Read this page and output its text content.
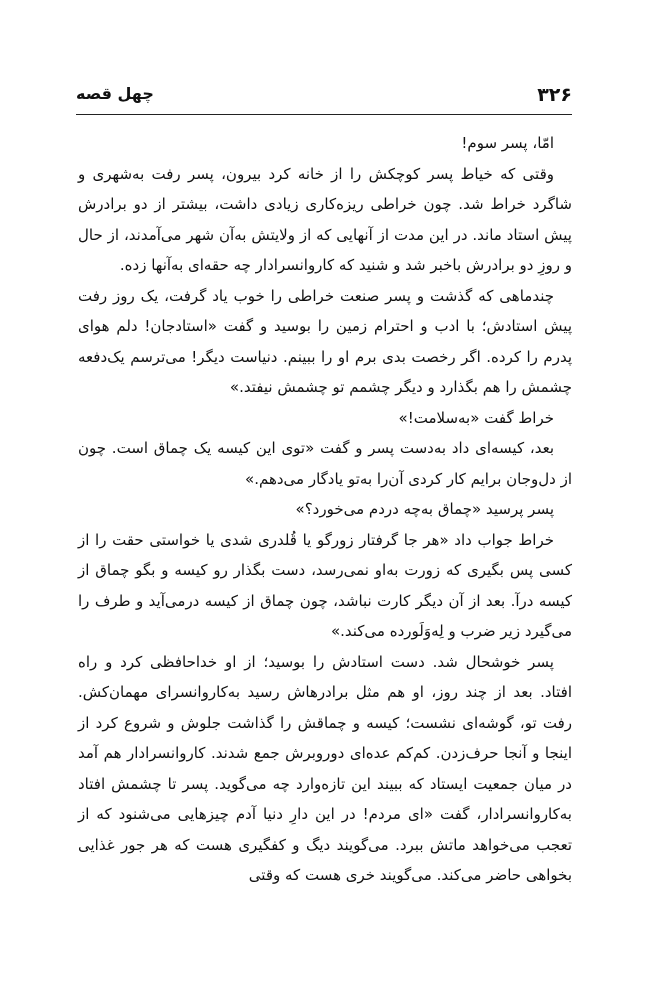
۳۲۶
چهل قصه

امّا، پسر سوم!

وقتی که خیاط پسر کوچکش را از خانه کرد بیرون، پسر رفت به‌شهری و شاگرد خراط شد. چون خراطی ریزه‌کاری زیادی داشت، بیشتر از دو برادرش پیش استاد ماند. در این مدت از آنهایی که از ولایتش به‌آن شهر می‌آمدند، از حال و روزِ دو برادرش باخبر شد و شنید که کاروانسرادار چه حقه‌ای به‌آنها زده.

چندماهی که گذشت و پسر صنعت خراطی را خوب یاد گرفت، یک روز رفت پیش استادش؛ با ادب و احترام زمین را بوسید و گفت «استادجان! دلم هوای پدرم را کرده. اگر رخصت بدی برم او را ببینم. دنیاست دیگر! می‌ترسم یک‌دفعه چشمش را هم بگذارد و دیگر چشمم تو چشمش نیفتد.»

خراط گفت «به‌سلامت!»

بعد، کیسه‌ای داد به‌دست پسر و گفت «توی این کیسه یک چماق است. چون از دل‌وجان برایم کار کردی آن‌را به‌تو یادگار می‌دهم.»

پسر پرسید «چماق به‌چه دردم می‌خورد؟»

خراط جواب داد «هر جا گرفتار زورگو یا قُلدری شدی یا خواستی حقت را از کسی پس بگیری که زورت به‌او نمی‌رسد، دست بگذار رو کیسه و بگو چماق از کیسه درآ. بعد از آن دیگر کارت نباشد، چون چماق از کیسه درمی‌آید و طرف را می‌گیرد زیر ضرب و لِه‌وَلَورده می‌کند.»

پسر خوشحال شد. دست استادش را بوسید؛ از او خداحافظی کرد و راه افتاد. بعد از چند روز، او هم مثل برادرهاش رسید به‌کاروانسرای مهمان‌کش. رفت تو، گوشه‌ای نشست؛ کیسه و چماقش را گذاشت جلوش و شروع کرد از اینجا و آنجا حرف‌زدن. کم‌کم عده‌ای دوروبرش جمع شدند. کاروانسرادار هم آمد در میان جمعیت ایستاد که ببیند این تازه‌وارد چه می‌گوید. پسر تا چشمش افتاد به‌کاروانسرادار، گفت «ای مردم! در این دارِ دنیا آدم چیزهایی می‌شنود که از تعجب می‌خواهد ماتش ببرد. می‌گویند دیگ و کفگیری هست که هر جور غذایی بخواهی حاضر می‌کند. می‌گویند خری هست که وقتی
